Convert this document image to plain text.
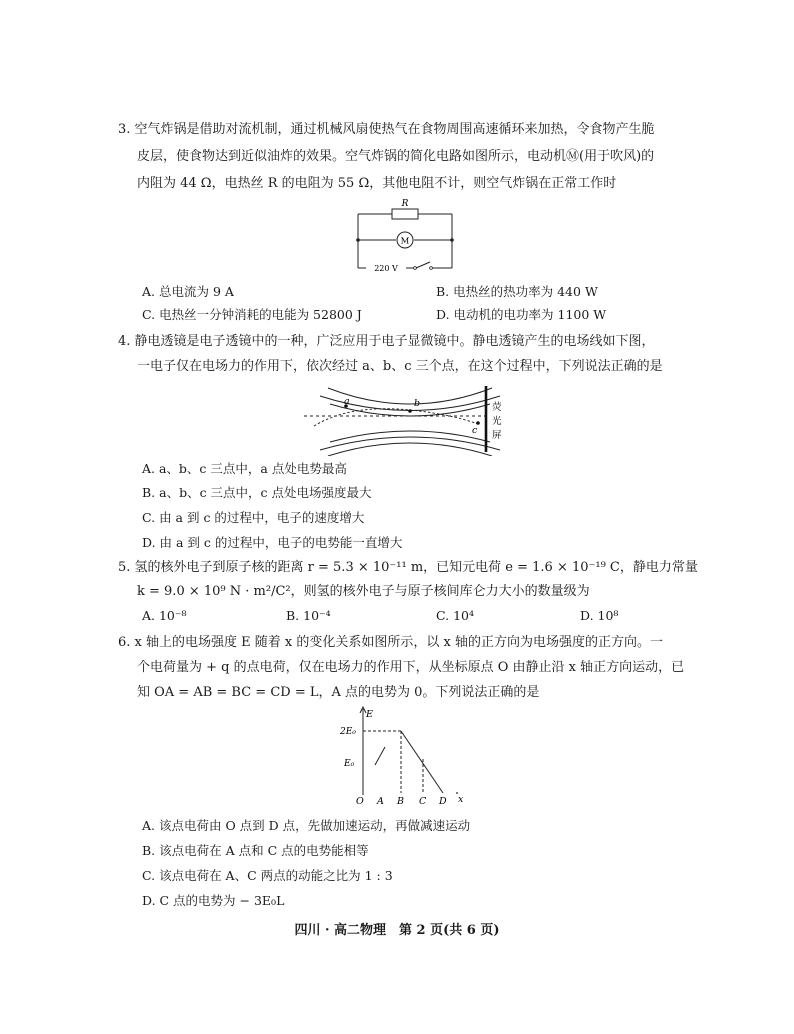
3. 空气炸锅是借助对流机制，通过机械风扇使热气在食物周围高速循环来加热，令食物产生脆
皮层，使食物达到近似油炸的效果。空气炸锅的简化电路如图所示，电动机Ⓜ(用于吹风)的
内阻为 44 Ω，电热丝 R 的电阻为 55 Ω，其他电阻不计，则空气炸锅在正常工作时
R
M
220 V
A. 总电流为 9 A	B. 电热丝的热功率为 440 W
C. 电热丝一分钟消耗的电能为 52800 J	D. 电动机的电功率为 1100 W
4. 静电透镜是电子透镜中的一种，广泛应用于电子显微镜中。静电透镜产生的电场线如下图，
一电子仅在电场力的作用下，依次经过 a、b、c 三个点，在这个过程中，下列说法正确的是
a	b
c
荧
光
屏
A. a、b、c 三点中，a 点处电势最高
B. a、b、c 三点中，c 点处电场强度最大
C. 由 a 到 c 的过程中，电子的速度增大
D. 由 a 到 c 的过程中，电子的电势能一直增大
5. 氢的核外电子到原子核的距离 r = 5.3 × 10⁻¹¹ m，已知元电荷 e = 1.6 × 10⁻¹⁹ C，静电力常量
k = 9.0 × 10⁹ N · m²/C²，则氢的核外电子与原子核间库仑力大小的数量级为
A. 10⁻⁸	B. 10⁻⁴	C. 10⁴	D. 10⁸
6. x 轴上的电场强度 E 随着 x 的变化关系如图所示，以 x 轴的正方向为电场强度的正方向。一
个电荷量为 + q 的点电荷，仅在电场力的作用下，从坐标原点 O 由静止沿 x 轴正方向运动，已
知 OA = AB = BC = CD = L，A 点的电势为 0。下列说法正确的是
E
x
2E₀
E₀
O A B C D
A. 该点电荷由 O 点到 D 点，先做加速运动，再做减速运动
B. 该点电荷在 A 点和 C 点的电势能相等
C. 该点电荷在 A、C 两点的动能之比为 1 : 3
D. C 点的电势为 − 3E₀L
四川 · 高二物理　第 2 页(共 6 页)
